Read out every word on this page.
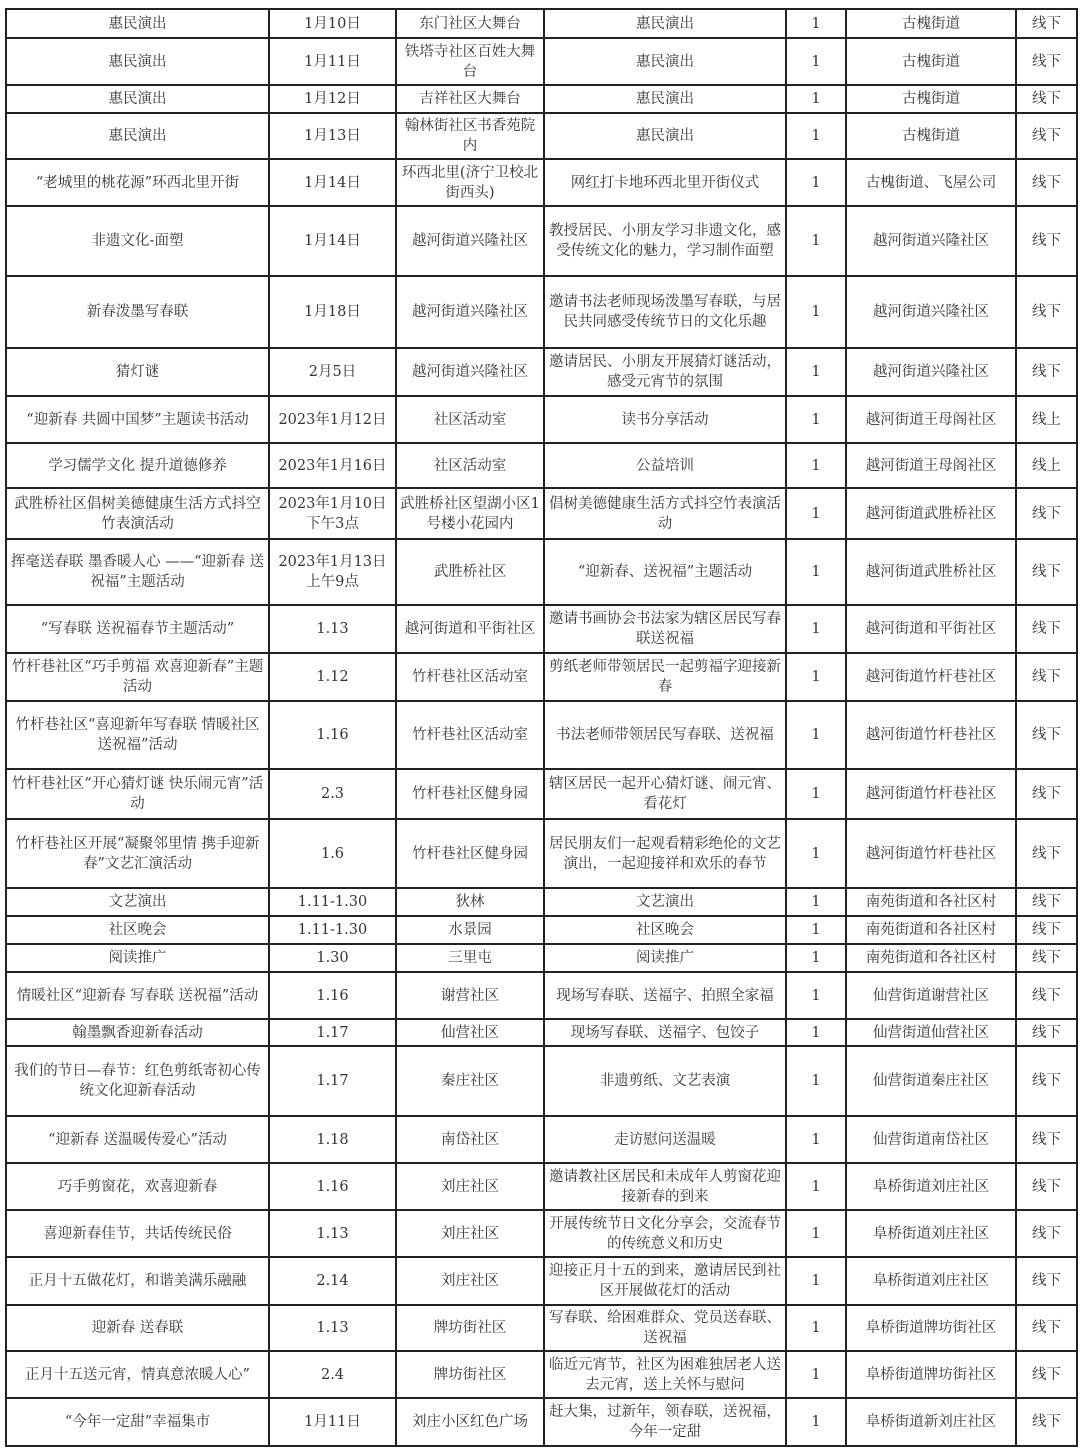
惠民演出	1月10日	东门社区大舞台	惠民演出	1	古槐街道	线下
惠民演出	1月11日	铁塔寺社区百姓大舞台	惠民演出	1	古槐街道	线下
惠民演出	1月12日	吉祥社区大舞台	惠民演出	1	古槐街道	线下
惠民演出	1月13日	翰林街社区书香苑院内	惠民演出	1	古槐街道	线下
“老城里的桃花源”环西北里开街	1月14日	环西北里(济宁卫校北街西头)	网红打卡地环西北里开街仪式	1	古槐街道、飞屋公司	线下
非遗文化-面塑	1月14日	越河街道兴隆社区	教授居民、小朋友学习非遗文化，感受传统文化的魅力，学习制作面塑	1	越河街道兴隆社区	线下
新春泼墨写春联	1月18日	越河街道兴隆社区	邀请书法老师现场泼墨写春联，与居民共同感受传统节日的文化乐趣	1	越河街道兴隆社区	线下
猜灯谜	2月5日	越河街道兴隆社区	邀请居民、小朋友开展猜灯谜活动，感受元宵节的氛围	1	越河街道兴隆社区	线下
“迎新春 共圆中国梦”主题读书活动	2023年1月12日	社区活动室	读书分享活动	1	越河街道王母阁社区	线上
学习儒学文化 提升道德修养	2023年1月16日	社区活动室	公益培训	1	越河街道王母阁社区	线上
武胜桥社区倡树美德健康生活方式抖空竹表演活动	2023年1月10日下午3点	武胜桥社区望湖小区1号楼小花园内	倡树美德健康生活方式抖空竹表演活动	1	越河街道武胜桥社区	线下
挥毫送春联 墨香暖人心 ——“迎新春 送祝福”主题活动	2023年1月13日上午9点	武胜桥社区	“迎新春、送祝福”主题活动	1	越河街道武胜桥社区	线下
“写春联 送祝福春节主题活动”	1.13	越河街道和平街社区	邀请书画协会书法家为辖区居民写春联送祝福	1	越河街道和平街社区	线下
竹杆巷社区“巧手剪福 欢喜迎新春”主题活动	1.12	竹杆巷社区活动室	剪纸老师带领居民一起剪福字迎接新春	1	越河街道竹杆巷社区	线下
竹杆巷社区“喜迎新年写春联 情暖社区送祝福”活动	1.16	竹杆巷社区活动室	书法老师带领居民写春联、送祝福	1	越河街道竹杆巷社区	线下
竹杆巷社区“开心猜灯谜 快乐闹元宵”活动	2.3	竹杆巷社区健身园	辖区居民一起开心猜灯谜、闹元宵、看花灯	1	越河街道竹杆巷社区	线下
竹杆巷社区开展“凝聚邻里情 携手迎新春”文艺汇演活动	1.6	竹杆巷社区健身园	居民朋友们一起观看精彩绝伦的文艺演出，一起迎接祥和欢乐的春节	1	越河街道竹杆巷社区	线下
文艺演出	1.11-1.30	狄林	文艺演出	1	南苑街道和各社区村	线下
社区晚会	1.11-1.30	水景园	社区晚会	1	南苑街道和各社区村	线下
阅读推广	1.30	三里屯	阅读推广	1	南苑街道和各社区村	线下
情暖社区“迎新春 写春联 送祝福”活动	1.16	谢营社区	现场写春联、送福字、拍照全家福	1	仙营街道谢营社区	线下
翰墨飘香迎新春活动	1.17	仙营社区	现场写春联、送福字、包饺子	1	仙营街道仙营社区	线下
我们的节日—春节：红色剪纸寄初心传统文化迎新春活动	1.17	秦庄社区	非遗剪纸、文艺表演	1	仙营街道秦庄社区	线下
“迎新春 送温暖传爱心”活动	1.18	南岱社区	走访慰问送温暖	1	仙营街道南岱社区	线下
巧手剪窗花，欢喜迎新春	1.16	刘庄社区	邀请教社区居民和未成年人剪窗花迎接新春的到来	1	阜桥街道刘庄社区	线下
喜迎新春佳节，共话传统民俗	1.13	刘庄社区	开展传统节日文化分享会，交流春节的传统意义和历史	1	阜桥街道刘庄社区	线下
正月十五做花灯，和谐美满乐融融	2.14	刘庄社区	迎接正月十五的到来，邀请居民到社区开展做花灯的活动	1	阜桥街道刘庄社区	线下
迎新春 送春联	1.13	牌坊街社区	写春联、给困难群众、党员送春联、送祝福	1	阜桥街道牌坊街社区	线下
正月十五送元宵，情真意浓暖人心”	2.4	牌坊街社区	临近元宵节，社区为困难独居老人送去元宵，送上关怀与慰问	1	阜桥街道牌坊街社区	线下
“今年一定甜”幸福集市	1月11日	刘庄小区红色广场	赶大集，过新年，领春联，送祝福，今年一定甜	1	阜桥街道新刘庄社区	线下
